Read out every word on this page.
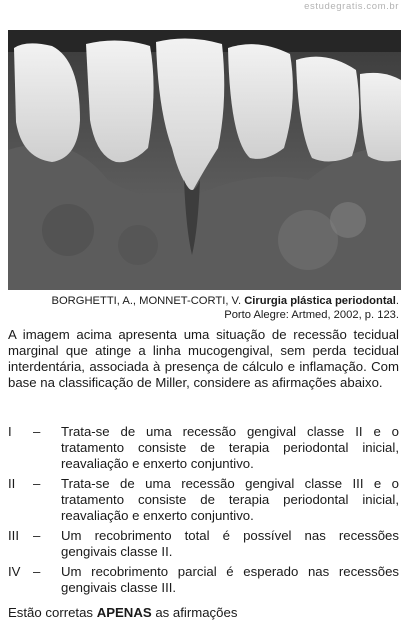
estudegratis.com.br
BORGHETTI, A., MONNET-CORTI, V. Cirurgia plástica periodontal. Porto Alegre: Artmed, 2002, p. 123.

A imagem acima apresenta uma situação de recessão tecidual marginal que atinge a linha mucogengival, sem perda tecidual interdentária, associada à presença de cálculo e inflamação. Com base na classificação de Miller, considere as afirmações abaixo.

I – Trata-se de uma recessão gengival classe II e o tratamento consiste de terapia periodontal inicial, reavaliação e enxerto conjuntivo.
II – Trata-se de uma recessão gengival classe III e o tratamento consiste de terapia periodontal inicial, reavaliação e enxerto conjuntivo.
III – Um recobrimento total é possível nas recessões gengivais classe II.
IV – Um recobrimento parcial é esperado nas recessões gengivais classe III.

Estão corretas APENAS as afirmações
